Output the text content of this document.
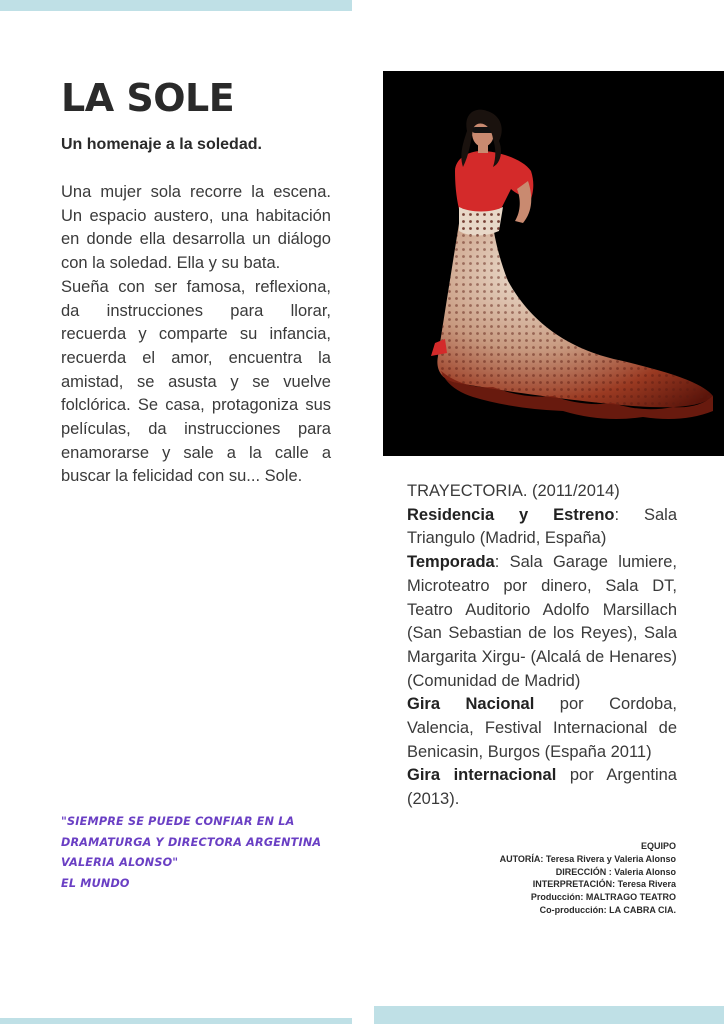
LA SOLE
Un homenaje a la soledad.

Una mujer sola recorre la escena. Un espacio austero, una habitación en donde ella desarrolla un diálogo con la soledad. Ella y su bata.

Sueña con ser famosa, reflexiona, da instrucciones para llorar, recuerda y comparte su infancia, recuerda el amor, encuentra la amistad, se asusta y se vuelve folclórica. Se casa, protagoniza sus películas, da instrucciones para enamorarse y sale a la calle a buscar la felicidad con su... Sole.

TRAYECTORIA. (2011/2014)

Residencia y Estreno: Sala Triangulo (Madrid, España)

Temporada: Sala Garage lumiere, Microteatro por dinero, Sala DT, Teatro Auditorio Adolfo Marsillach (San Sebastian de los Reyes), Sala Margarita Xirgu- (Alcalá de Henares) (Comunidad de Madrid)

Gira Nacional por Cordoba, Valencia, Festival Internacional de Benicasin, Burgos (España 2011)

Gira internacional por Argentina (2013).

"SIEMPRE SE PUEDE CONFIAR EN LA
DRAMATURGA Y DIRECTORA ARGENTINA
VALERIA ALONSO"
EL MUNDO
EQUIPO
AUTORÍA: Teresa Rivera y Valeria Alonso
DIRECCIÓN : Valeria Alonso
INTERPRETACIÓN: Teresa Rivera
Producción: MALTRAGO TEATRO
Co-producción: LA CABRA CIA.
